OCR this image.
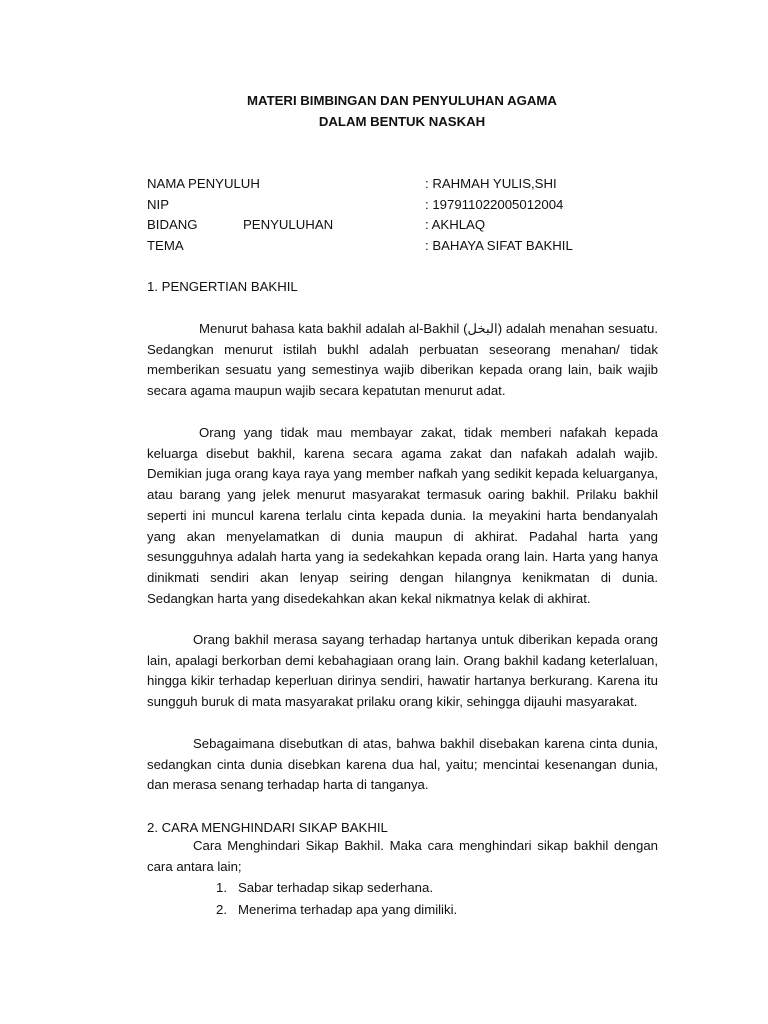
MATERI BIMBINGAN DAN PENYULUHAN AGAMA
DALAM BENTUK NASKAH
NAMA PENYULUH	: RAHMAH YULIS,SHI
NIP	: 197911022005012004
BIDANG	PENYULUHAN	: AKHLAQ
TEMA	: BAHAYA SIFAT BAKHIL
1. PENGERTIAN BAKHIL

Menurut bahasa kata bakhil adalah al-Bakhil (البخل) adalah menahan sesuatu. Sedangkan menurut istilah bukhl adalah perbuatan seseorang menahan/ tidak memberikan sesuatu yang semestinya wajib diberikan kepada orang lain, baik wajib secara agama maupun wajib secara kepatutan menurut adat.

Orang yang tidak mau membayar zakat, tidak memberi nafakah kepada keluarga disebut bakhil, karena secara agama zakat dan nafakah adalah wajib. Demikian juga orang kaya raya yang member nafkah yang sedikit kepada keluarganya, atau barang yang jelek menurut masyarakat termasuk oaring bakhil. Prilaku bakhil seperti ini muncul karena terlalu cinta kepada dunia. Ia meyakini harta bendanyalah yang akan menyelamatkan di dunia maupun di akhirat. Padahal harta yang sesungguhnya adalah harta yang ia sedekahkan kepada orang lain. Harta yang hanya dinikmati sendiri akan lenyap seiring dengan hilangnya kenikmatan di dunia. Sedangkan harta yang disedekahkan akan kekal nikmatnya kelak di akhirat.

Orang bakhil merasa sayang terhadap hartanya untuk diberikan kepada orang lain, apalagi berkorban demi kebahagiaan orang lain. Orang bakhil kadang keterlaluan, hingga kikir terhadap keperluan dirinya sendiri, hawatir hartanya berkurang. Karena itu sungguh buruk di mata masyarakat prilaku orang kikir, sehingga dijauhi masyarakat.

Sebagaimana disebutkan di atas, bahwa bakhil disebakan karena cinta dunia, sedangkan cinta dunia disebkan karena dua hal, yaitu; mencintai kesenangan dunia, dan merasa senang terhadap harta di tanganya.

2. CARA MENGHINDARI SIKAP BAKHIL

Cara Menghindari Sikap Bakhil. Maka cara menghindari sikap bakhil dengan cara antara lain;

1. Sabar terhadap sikap sederhana.
2. Menerima terhadap apa yang dimiliki.
